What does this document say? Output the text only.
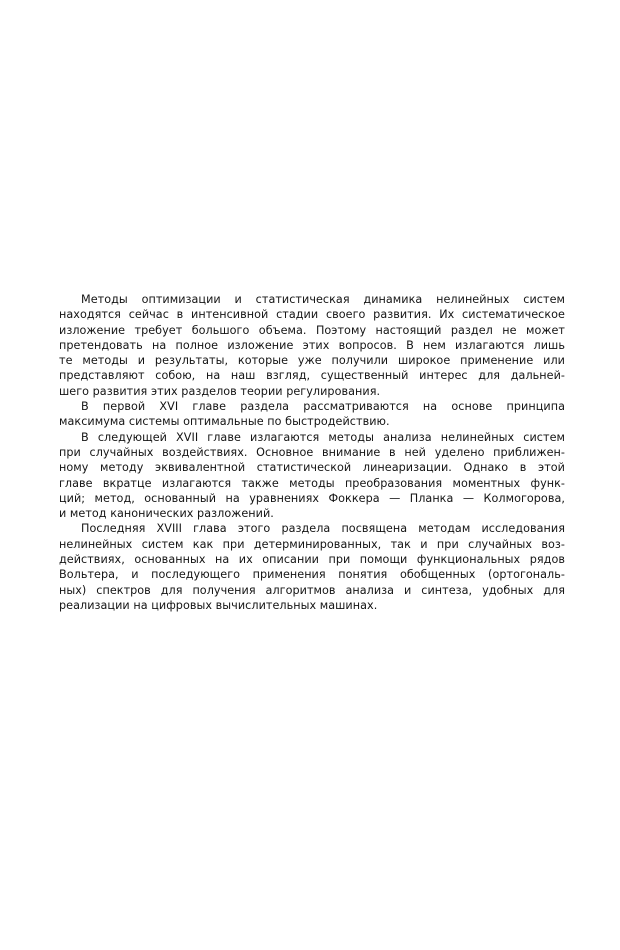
Методы оптимизации и статистическая динамика нелинейных систем
находятся сейчас в интенсивной стадии своего развития. Их систематическое
изложение требует большого объема. Поэтому настоящий раздел не может
претендовать на полное изложение этих вопросов. В нем излагаются лишь
те методы и результаты, которые уже получили широкое применение или
представляют собою, на наш взгляд, существенный интерес для дальней-
шего развития этих разделов теории регулирования.
В первой XVI главе раздела рассматриваются на основе принципа
максимума системы оптимальные по быстродействию.
В следующей XVII главе излагаются методы анализа нелинейных систем
при случайных воздействиях. Основное внимание в ней уделено приближен-
ному методу эквивалентной статистической линеаризации. Однако в этой
главе вкратце излагаются также методы преобразования моментных функ-
ций; метод, основанный на уравнениях Фоккера — Планка — Колмогорова,
и метод канонических разложений.
Последняя XVIII глава этого раздела посвящена методам исследования
нелинейных систем как при детерминированных, так и при случайных воз-
действиях, основанных на их описании при помощи функциональных рядов
Вольтера, и последующего применения понятия обобщенных (ортогональ-
ных) спектров для получения алгоритмов анализа и синтеза, удобных для
реализации на цифровых вычислительных машинах.
